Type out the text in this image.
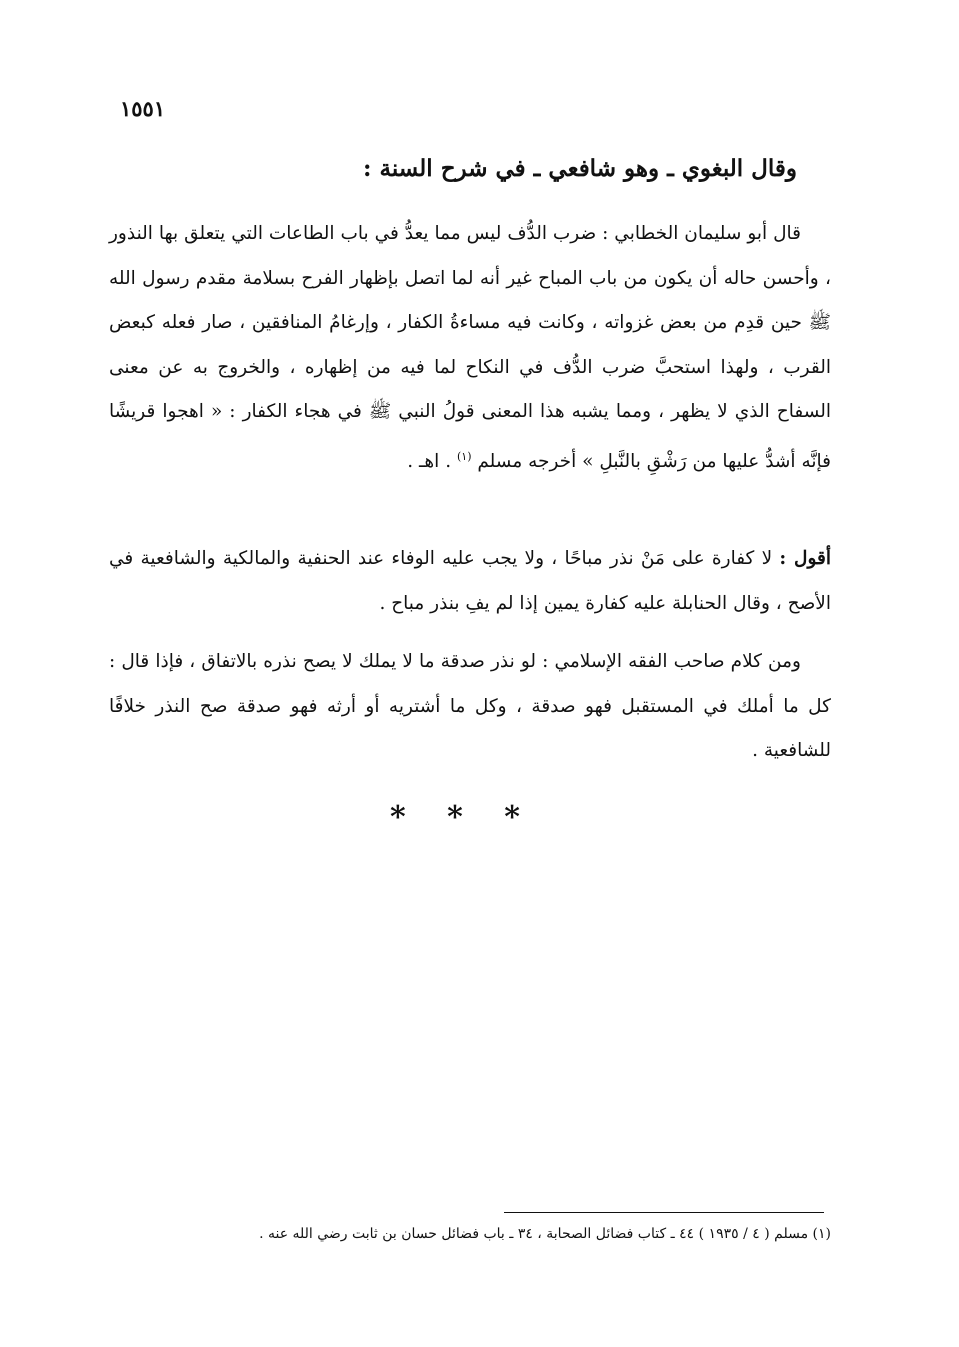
١٥٥١
وقال البغوي ـ وهو شافعي ـ في شرح السنة :

قال أبو سليمان الخطابي : ضرب الدُّف ليس مما يعدُّ في باب الطاعات التي يتعلق بها النذور ، وأحسن حاله أن يكون من باب المباح غير أنه لما اتصل بإظهار الفرح بسلامة مقدم رسول الله ﷺ حين قدِم من بعض غزواته ، وكانت فيه مساءةُ الكفار ، وإرغامُ المنافقين ، صار فعله كبعض القرب ، ولهذا استحبَّ ضرب الدُّف في النكاح لما فيه من إظهاره ، والخروج به عن معنى السفاح الذي لا يظهر ، ومما يشبه هذا المعنى قولُ النبي ﷺ في هجاء الكفار : « اهجوا قريشًا فإنَّه أشدُّ عليها من رَشْقِ بالنَّبلِ » أخرجه مسلم $^{(١)}$ . اهـ .

أقول : لا كفارة على مَنْ نذر مباحًا ، ولا يجب عليه الوفاء عند الحنفية والمالكية والشافعية في الأصح ، وقال الحنابلة عليه كفارة يمين إذا لم يفِ بنذر مباح .

ومن كلام صاحب الفقه الإسلامي : لو نذر صدقة ما لا يملك لا يصح نذره بالاتفاق ، فإذا قال : كل ما أملك في المستقبل فهو صدقة ، وكل ما أشتريه أو أرثه فهو صدقة صح النذر خلافًا للشافعية .

* * *
(١) مسلم ( ٤ / ١٩٣٥ ) ٤٤ ـ كتاب فضائل الصحابة ، ٣٤ ـ باب فضائل حسان بن ثابت رضي الله عنه .
